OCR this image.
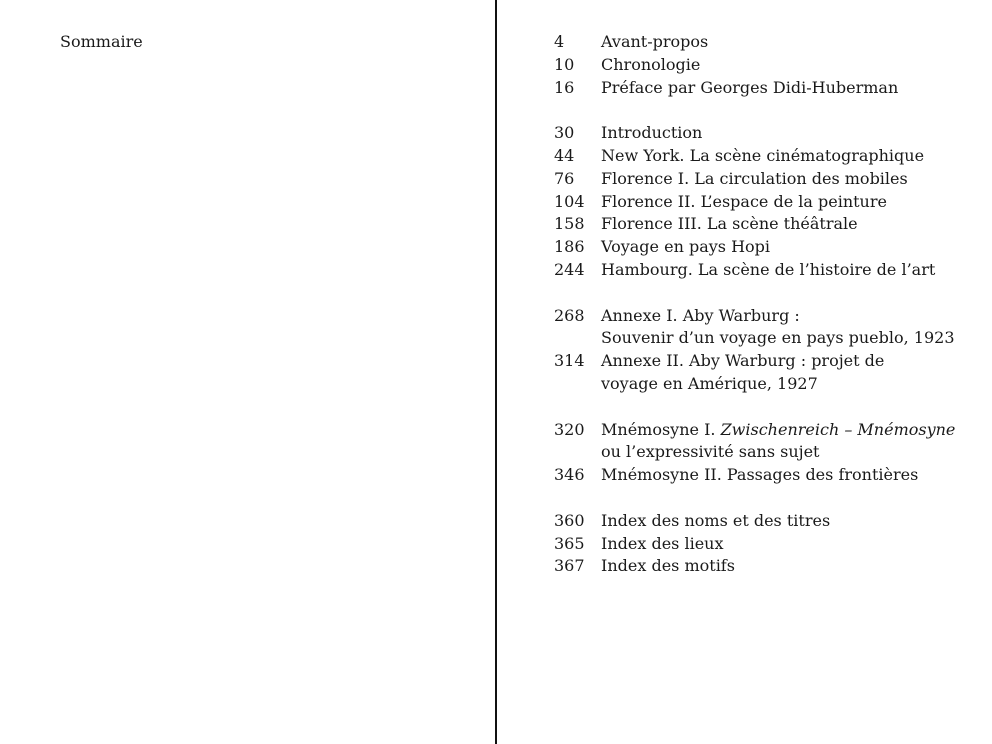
Sommaire	4	Avant-propos
10	Chronologie
16	Préface par Georges Didi-Huberman
30	Introduction
44	New York. La scène cinématographique
76	Florence I. La circulation des mobiles
104	Florence II. L’espace de la peinture
158	Florence III. La scène théâtrale
186	Voyage en pays Hopi
244	Hambourg. La scène de l’histoire de l’art
268	Annexe I. Aby Warburg :
Souvenir d’un voyage en pays pueblo, 1923
314	Annexe II. Aby Warburg : projet de
voyage en Amérique, 1927
320	Mnémosyne I. Zwischenreich – Mnémosyne
ou l’expressivité sans sujet
346	Mnémosyne II. Passages des frontières
360	Index des noms et des titres
365	Index des lieux
367	Index des motifs
